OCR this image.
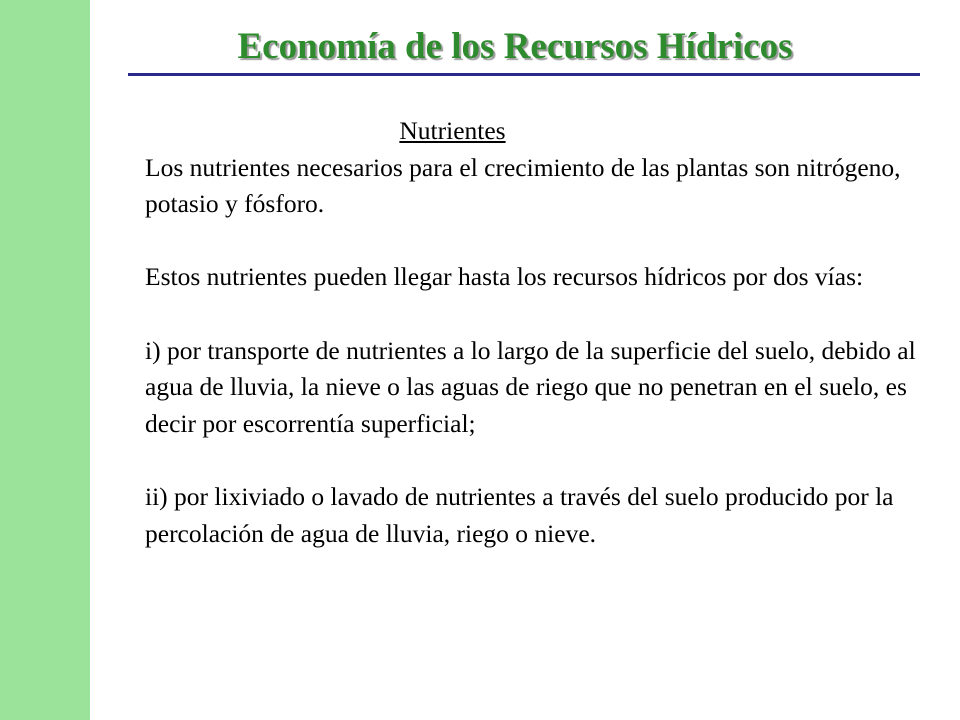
Economía de los Recursos Hídricos

Nutrientes

Los nutrientes necesarios para el crecimiento de las plantas son nitrógeno, potasio y fósforo.

Estos nutrientes pueden llegar hasta los recursos hídricos por dos vías:

i) por transporte de nutrientes a lo largo de la superficie del suelo, debido al agua de lluvia, la nieve o las aguas de riego que no penetran en el suelo, es decir por escorrentía superficial;

ii) por lixiviado o lavado de nutrientes a través del suelo producido por la percolación de agua de lluvia, riego o nieve.
